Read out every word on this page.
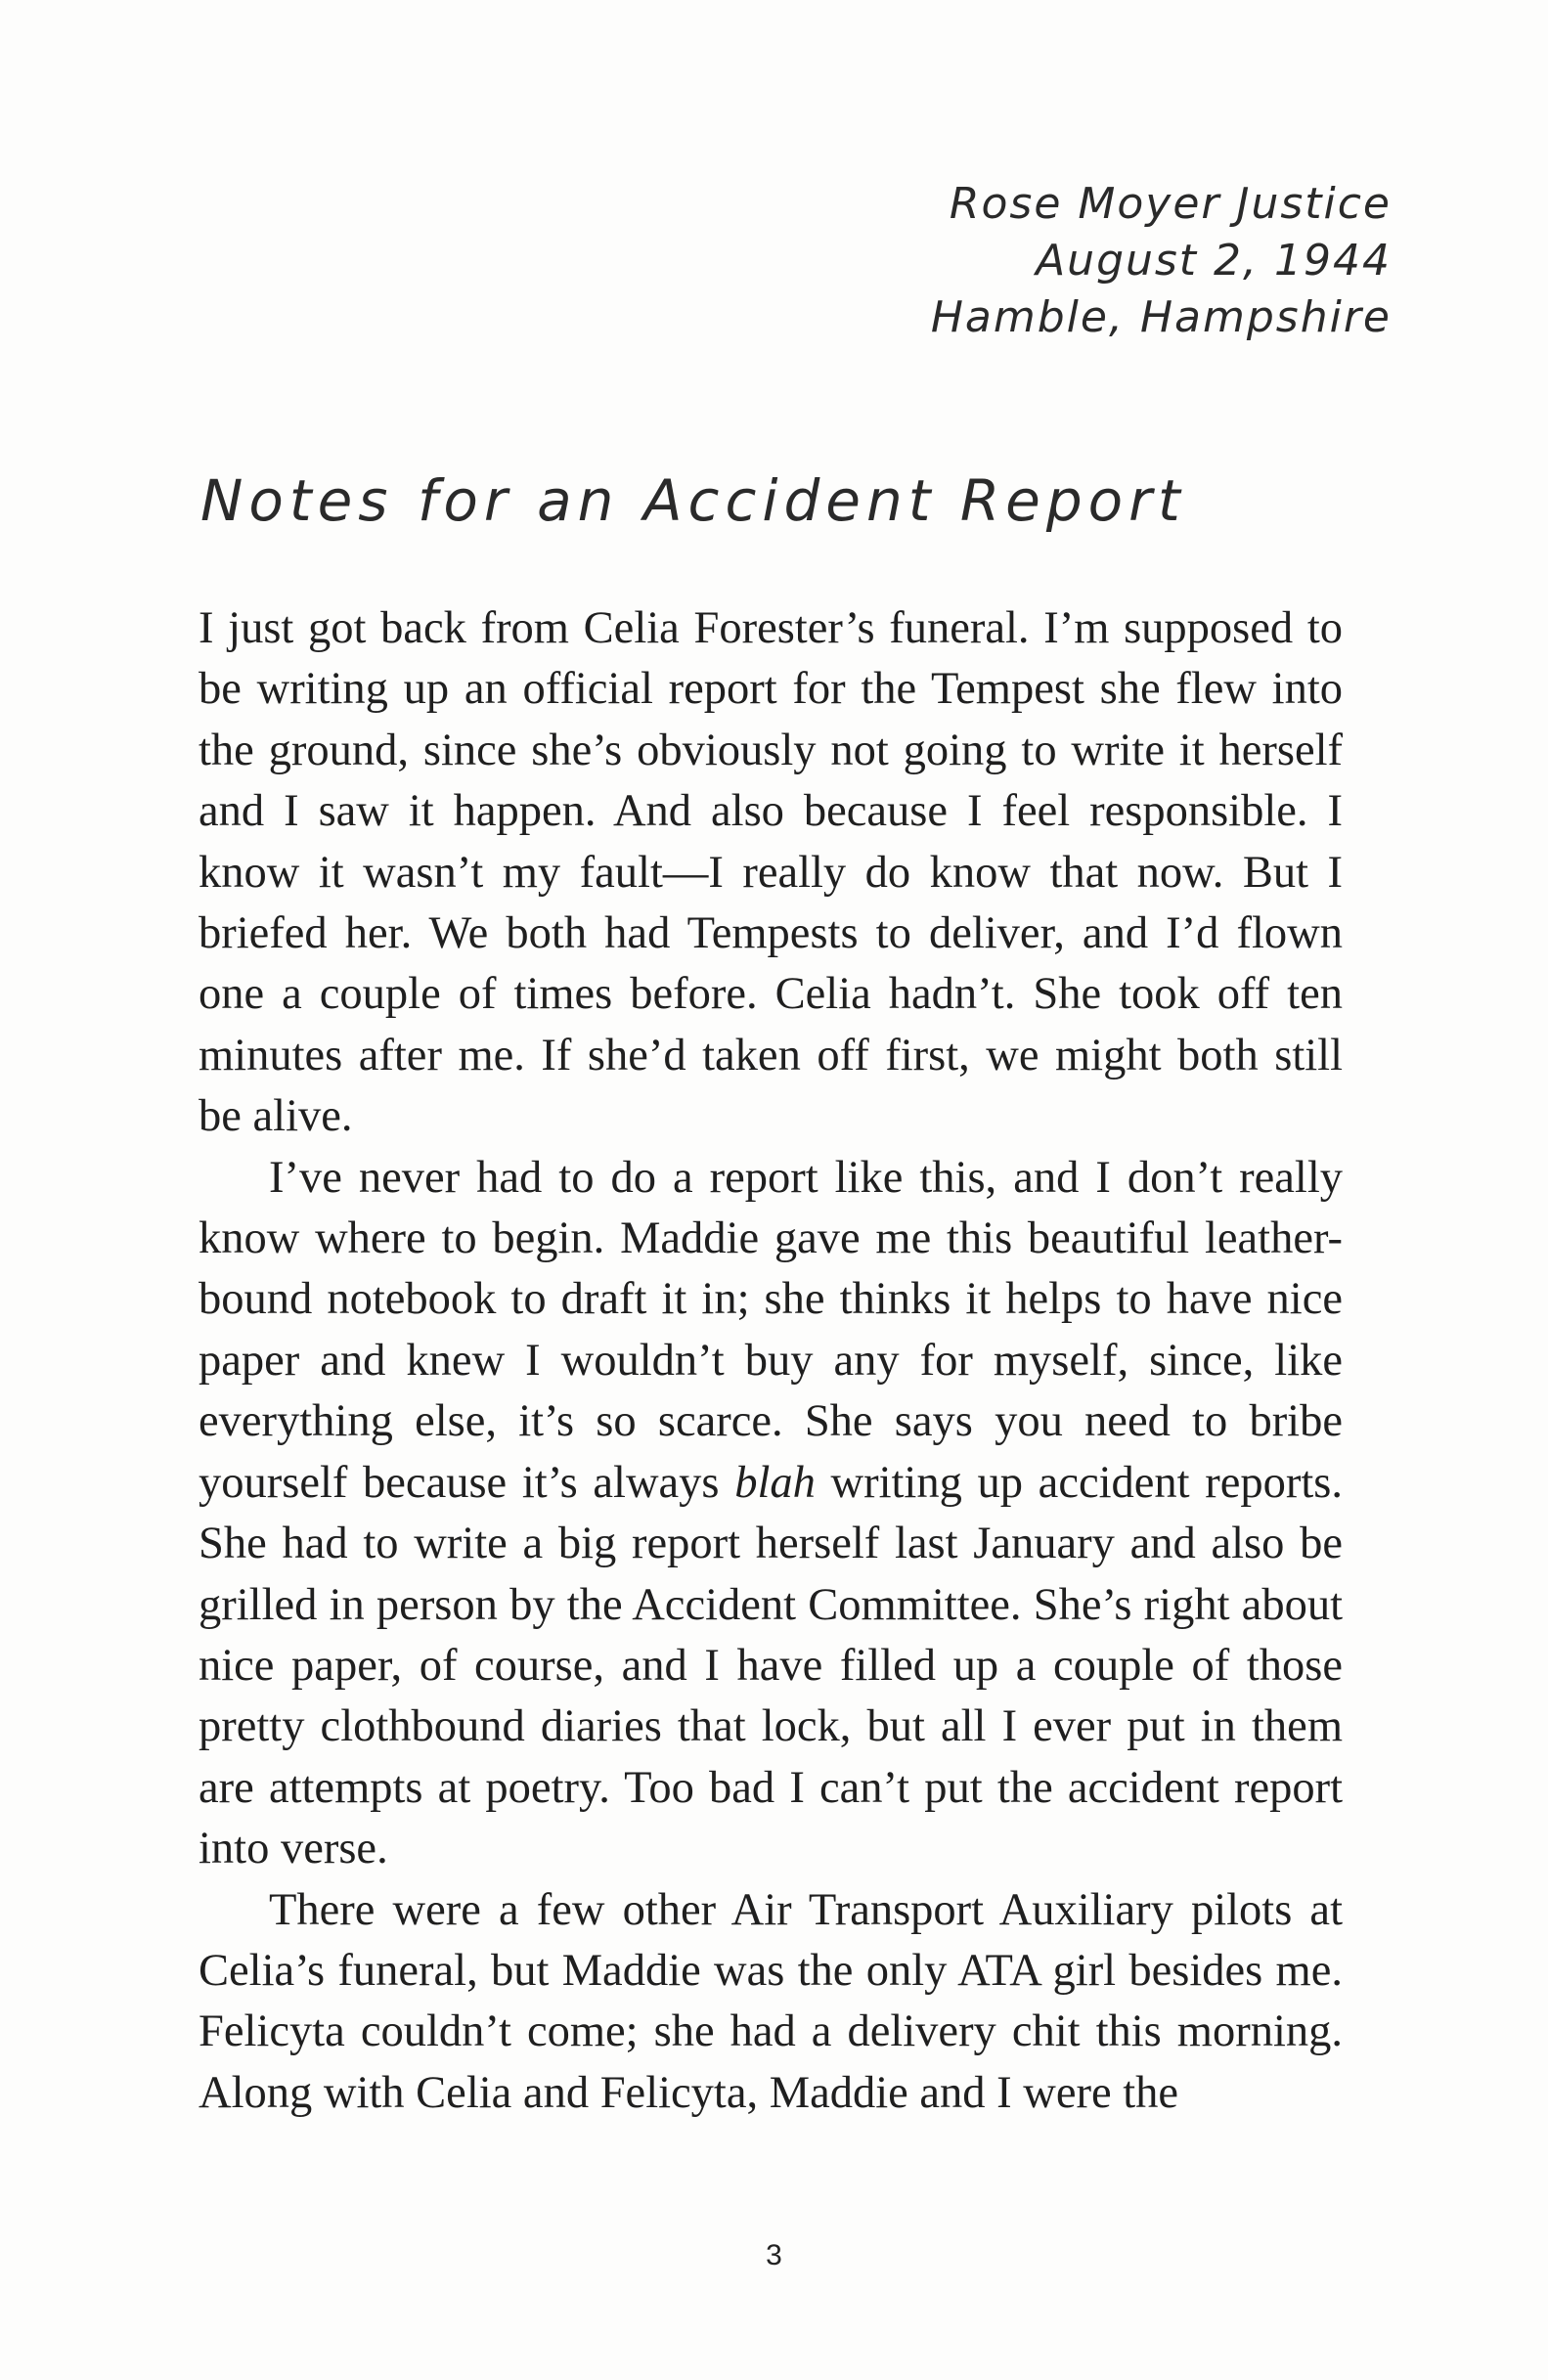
Rose Moyer Justice
August 2, 1944
Hamble, Hampshire
Notes for an Accident Report

I just got back from Celia Forester’s funeral. I’m supposed to be writing up an official report for the Tempest she flew into the ground, since she’s obviously not going to write it herself and I saw it happen. And also because I feel responsible. I know it wasn’t my fault—I really do know that now. But I briefed her. We both had Tempests to deliver, and I’d flown one a couple of times before. Celia hadn’t. She took off ten minutes after me. If she’d taken off first, we might both still be alive.

I’ve never had to do a report like this, and I don’t really know where to begin. Maddie gave me this beautiful leather-bound notebook to draft it in; she thinks it helps to have nice paper and knew I wouldn’t buy any for myself, since, like everything else, it’s so scarce. She says you need to bribe yourself because it’s always blah writing up accident reports. She had to write a big report herself last January and also be grilled in person by the Accident Committee. She’s right about nice paper, of course, and I have filled up a couple of those pretty clothbound diaries that lock, but all I ever put in them are attempts at poetry. Too bad I can’t put the accident report into verse.

There were a few other Air Transport Auxiliary pilots at Celia’s funeral, but Maddie was the only ATA girl besides me. Felicyta couldn’t come; she had a delivery chit this morning. Along with Celia and Felicyta, Maddie and I were the

3
